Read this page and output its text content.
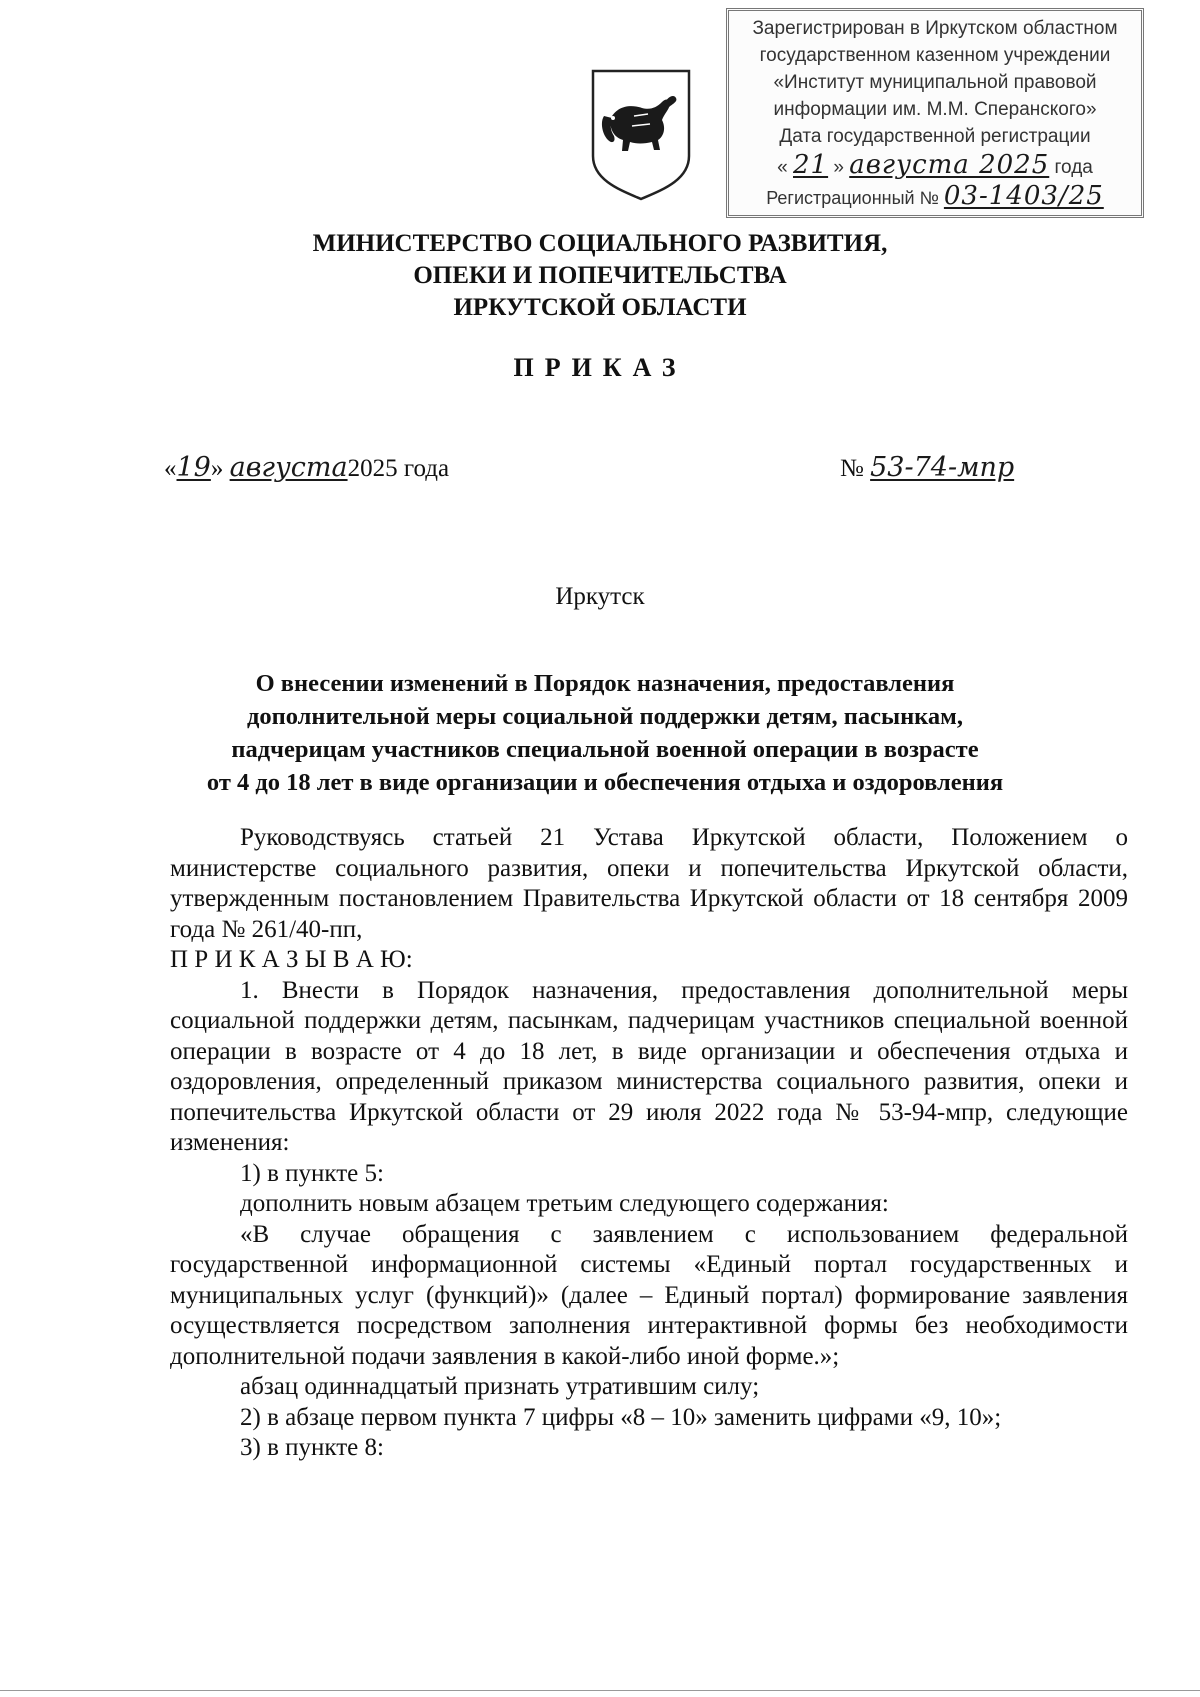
Зарегистрирован в Иркутском областном
государственном казенном учреждении
«Институт муниципальной правовой
информации им. М.М. Сперанского»
Дата государственной регистрации
« 21 » августа 2025 года
Регистрационный № 03-1403/25
МИНИСТЕРСТВО СОЦИАЛЬНОГО РАЗВИТИЯ,
ОПЕКИ И ПОПЕЧИТЕЛЬСТВА
ИРКУТСКОЙ ОБЛАСТИ
ПРИКАЗ
«19» августа2025 года	№ 53-74-мпр
Иркутск
О внесении изменений в Порядок назначения, предоставления
дополнительной меры социальной поддержки детям, пасынкам,
падчерицам участников специальной военной операции в возрасте
от 4 до 18 лет в виде организации и обеспечения отдыха и оздоровления

Руководствуясь статьей 21 Устава Иркутской области, Положением о министерстве социального развития, опеки и попечительства Иркутской области, утвержденным постановлением Правительства Иркутской области от 18 сентября 2009 года № 261/40-пп,

П Р И К А З Ы В А Ю:

1. Внести в Порядок назначения, предоставления дополнительной меры социальной поддержки детям, пасынкам, падчерицам участников специальной военной операции в возрасте от 4 до 18 лет, в виде организации и обеспечения отдыха и оздоровления, определенный приказом министерства социального развития, опеки и попечительства Иркутской области от 29 июля 2022 года № 53-94-мпр, следующие изменения:

1) в пункте 5:

дополнить новым абзацем третьим следующего содержания:

«В случае обращения с заявлением с использованием федеральной государственной информационной системы «Единый портал государственных и муниципальных услуг (функций)» (далее – Единый портал) формирование заявления осуществляется посредством заполнения интерактивной формы без необходимости дополнительной подачи заявления в какой-либо иной форме.»;

абзац одиннадцатый признать утратившим силу;

2) в абзаце первом пункта 7 цифры «8 – 10» заменить цифрами «9, 10»;

3) в пункте 8:
